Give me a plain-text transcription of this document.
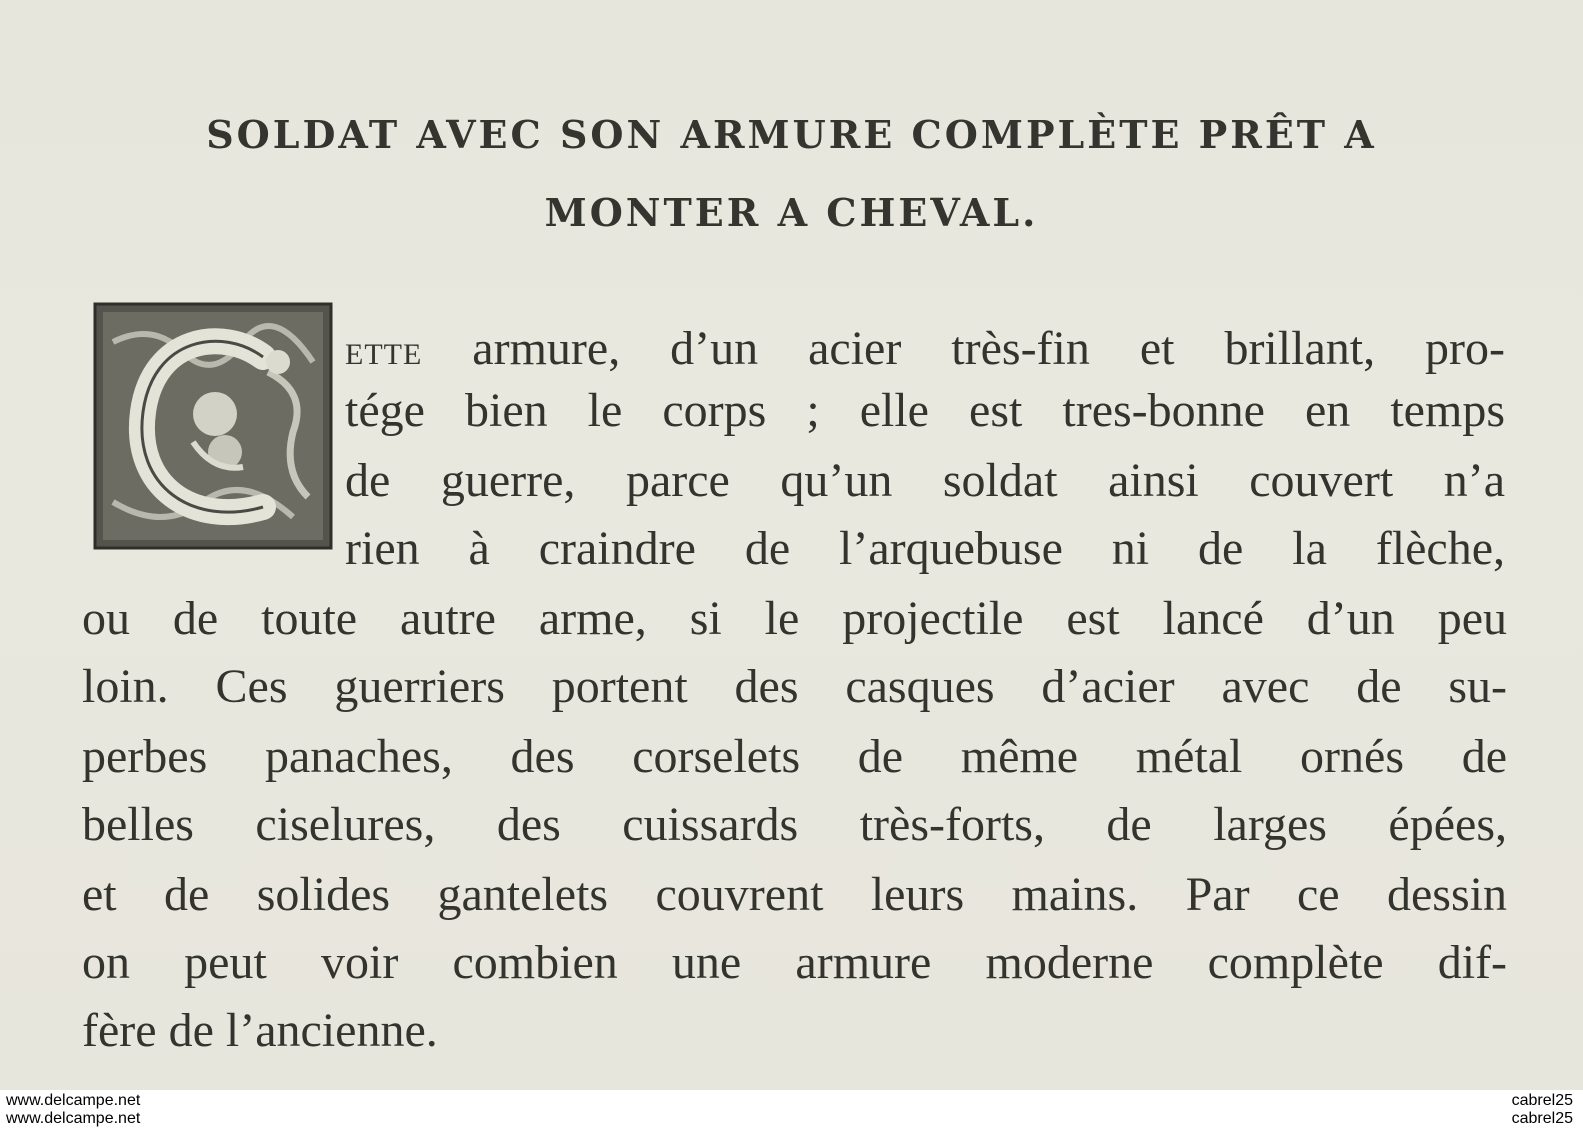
SOLDAT AVEC SON ARMURE COMPLÈTE PRÊT A
MONTER A CHEVAL.
ETTE armure, d’un acier très-fin et brillant, pro-
tége bien le corps ; elle est tres-bonne en temps
de guerre, parce qu’un soldat ainsi couvert n’a
rien à craindre de l’arquebuse ni de la flèche,
ou de toute autre arme, si le projectile est lancé d’un peu
loin. Ces guerriers portent des casques d’acier avec de su-
perbes panaches, des corselets de même métal ornés de
belles ciselures, des cuissards très-forts, de larges épées,
et de solides gantelets couvrent leurs mains. Par ce dessin
on peut voir combien une armure moderne complète dif-
fère de l’ancienne.
www.delcampe.net
www.delcampe.net
cabrel25
cabrel25
